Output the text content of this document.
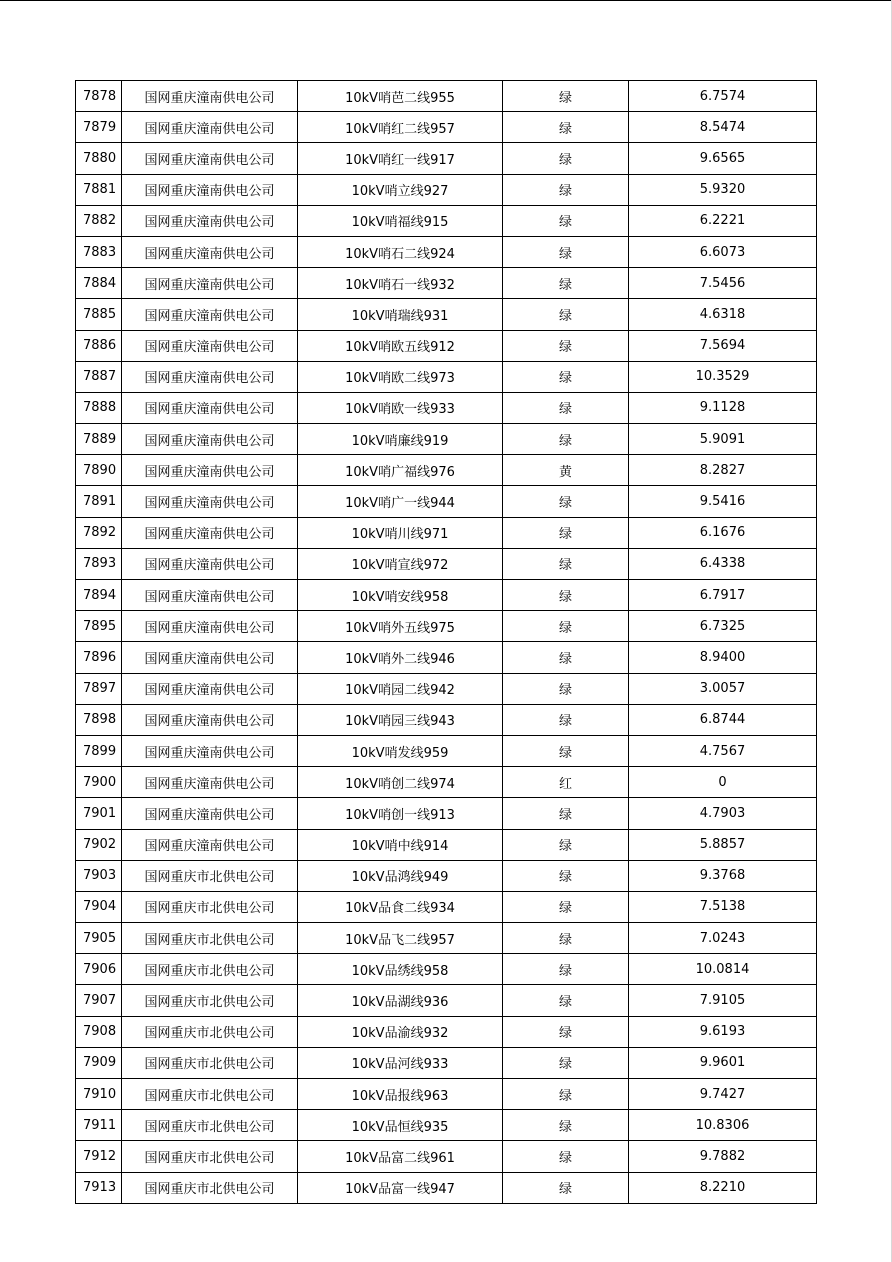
7878	国网重庆潼南供电公司	10kV哨芭二线955	绿	6.7574
7879	国网重庆潼南供电公司	10kV哨红二线957	绿	8.5474
7880	国网重庆潼南供电公司	10kV哨红一线917	绿	9.6565
7881	国网重庆潼南供电公司	10kV哨立线927	绿	5.9320
7882	国网重庆潼南供电公司	10kV哨福线915	绿	6.2221
7883	国网重庆潼南供电公司	10kV哨石二线924	绿	6.6073
7884	国网重庆潼南供电公司	10kV哨石一线932	绿	7.5456
7885	国网重庆潼南供电公司	10kV哨瑞线931	绿	4.6318
7886	国网重庆潼南供电公司	10kV哨欧五线912	绿	7.5694
7887	国网重庆潼南供电公司	10kV哨欧二线973	绿	10.3529
7888	国网重庆潼南供电公司	10kV哨欧一线933	绿	9.1128
7889	国网重庆潼南供电公司	10kV哨廉线919	绿	5.9091
7890	国网重庆潼南供电公司	10kV哨广福线976	黄	8.2827
7891	国网重庆潼南供电公司	10kV哨广一线944	绿	9.5416
7892	国网重庆潼南供电公司	10kV哨川线971	绿	6.1676
7893	国网重庆潼南供电公司	10kV哨宣线972	绿	6.4338
7894	国网重庆潼南供电公司	10kV哨安线958	绿	6.7917
7895	国网重庆潼南供电公司	10kV哨外五线975	绿	6.7325
7896	国网重庆潼南供电公司	10kV哨外二线946	绿	8.9400
7897	国网重庆潼南供电公司	10kV哨园二线942	绿	3.0057
7898	国网重庆潼南供电公司	10kV哨园三线943	绿	6.8744
7899	国网重庆潼南供电公司	10kV哨发线959	绿	4.7567
7900	国网重庆潼南供电公司	10kV哨创二线974	红	0
7901	国网重庆潼南供电公司	10kV哨创一线913	绿	4.7903
7902	国网重庆潼南供电公司	10kV哨中线914	绿	5.8857
7903	国网重庆市北供电公司	10kV品鸿线949	绿	9.3768
7904	国网重庆市北供电公司	10kV品食二线934	绿	7.5138
7905	国网重庆市北供电公司	10kV品飞二线957	绿	7.0243
7906	国网重庆市北供电公司	10kV品绣线958	绿	10.0814
7907	国网重庆市北供电公司	10kV品湖线936	绿	7.9105
7908	国网重庆市北供电公司	10kV品渝线932	绿	9.6193
7909	国网重庆市北供电公司	10kV品河线933	绿	9.9601
7910	国网重庆市北供电公司	10kV品报线963	绿	9.7427
7911	国网重庆市北供电公司	10kV品恒线935	绿	10.8306
7912	国网重庆市北供电公司	10kV品富二线961	绿	9.7882
7913	国网重庆市北供电公司	10kV品富一线947	绿	8.2210
